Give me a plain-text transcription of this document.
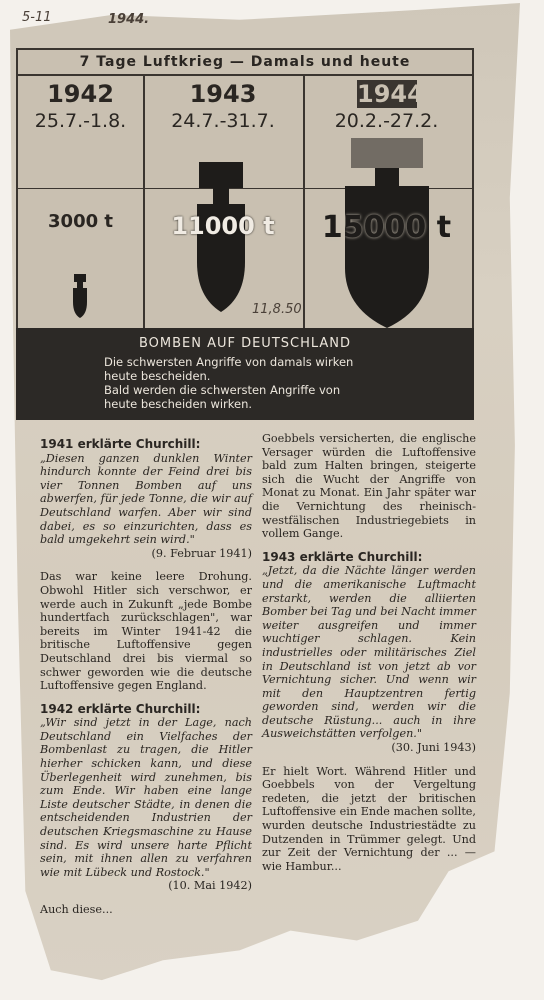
5-11	1944.
7 Tage Luftkrieg — Damals und heute
1942
25.7.-1.8.
3000 t
1943
24.7.-31.7.
11000 t
1944
20.2.-27.2.
15000 t
11,8.50
BOMBEN AUF DEUTSCHLAND
Die schwersten Angriffe von damals wirken
heute bescheiden.
Bald werden die schwersten Angriffe von
heute bescheiden wirken.

1941 erklärte Churchill:

„Diesen ganzen dunklen Winter hindurch konnte der Feind drei bis vier Tonnen Bomben auf uns abwerfen, für jede Tonne, die wir auf Deutschland warfen. Aber wir sind dabei, es so einzurichten, dass es bald umgekehrt sein wird."

(9. Februar 1941)

Das war keine leere Drohung. Obwohl Hitler sich verschwor, er werde auch in Zukunft „jede Bombe hundertfach zurückschlagen", war bereits im Winter 1941-42 die britische Luftoffensive gegen Deutschland drei bis viermal so schwer geworden wie die deutsche Luftoffensive gegen England.

1942 erklärte Churchill:

„Wir sind jetzt in der Lage, nach Deutschland ein Vielfaches der Bombenlast zu tragen, die Hitler hierher schicken kann, und diese Überlegenheit wird zunehmen, bis zum Ende. Wir haben eine lange Liste deutscher Städte, in denen die entscheidenden Industrien der deutschen Kriegsmaschine zu Hause sind. Es wird unsere harte Pflicht sein, mit ihnen allen zu verfahren wie mit Lübeck und Rostock."

(10. Mai 1942)

Auch diese...

Goebbels versicherten, die englische Versager würden die Luftoffensive bald zum Halten bringen, steigerte sich die Wucht der Angriffe von Monat zu Monat. Ein Jahr später war die Vernichtung des rheinisch-westfälischen Industriegebiets in vollem Gange.

1943 erklärte Churchill:

„Jetzt, da die Nächte länger werden und die amerikanische Luftmacht erstarkt, werden die alliierten Bomber bei Tag und bei Nacht immer weiter ausgreifen und immer wuchtiger schlagen. Kein industrielles oder militärisches Ziel in Deutschland ist von jetzt ab vor Vernichtung sicher. Und wenn wir mit den Hauptzentren fertig geworden sind, werden wir die deutsche Rüstung... auch in ihre Ausweichstätten verfolgen."

(30. Juni 1943)

Er hielt Wort. Während Hitler und Goebbels von der Vergeltung redeten, die jetzt der britischen Luftoffensive ein Ende machen sollte, wurden deutsche Industriestädte zu Dutzenden in Trümmer gelegt. Und zur Zeit der Vernichtung der ... — wie Hambur...
